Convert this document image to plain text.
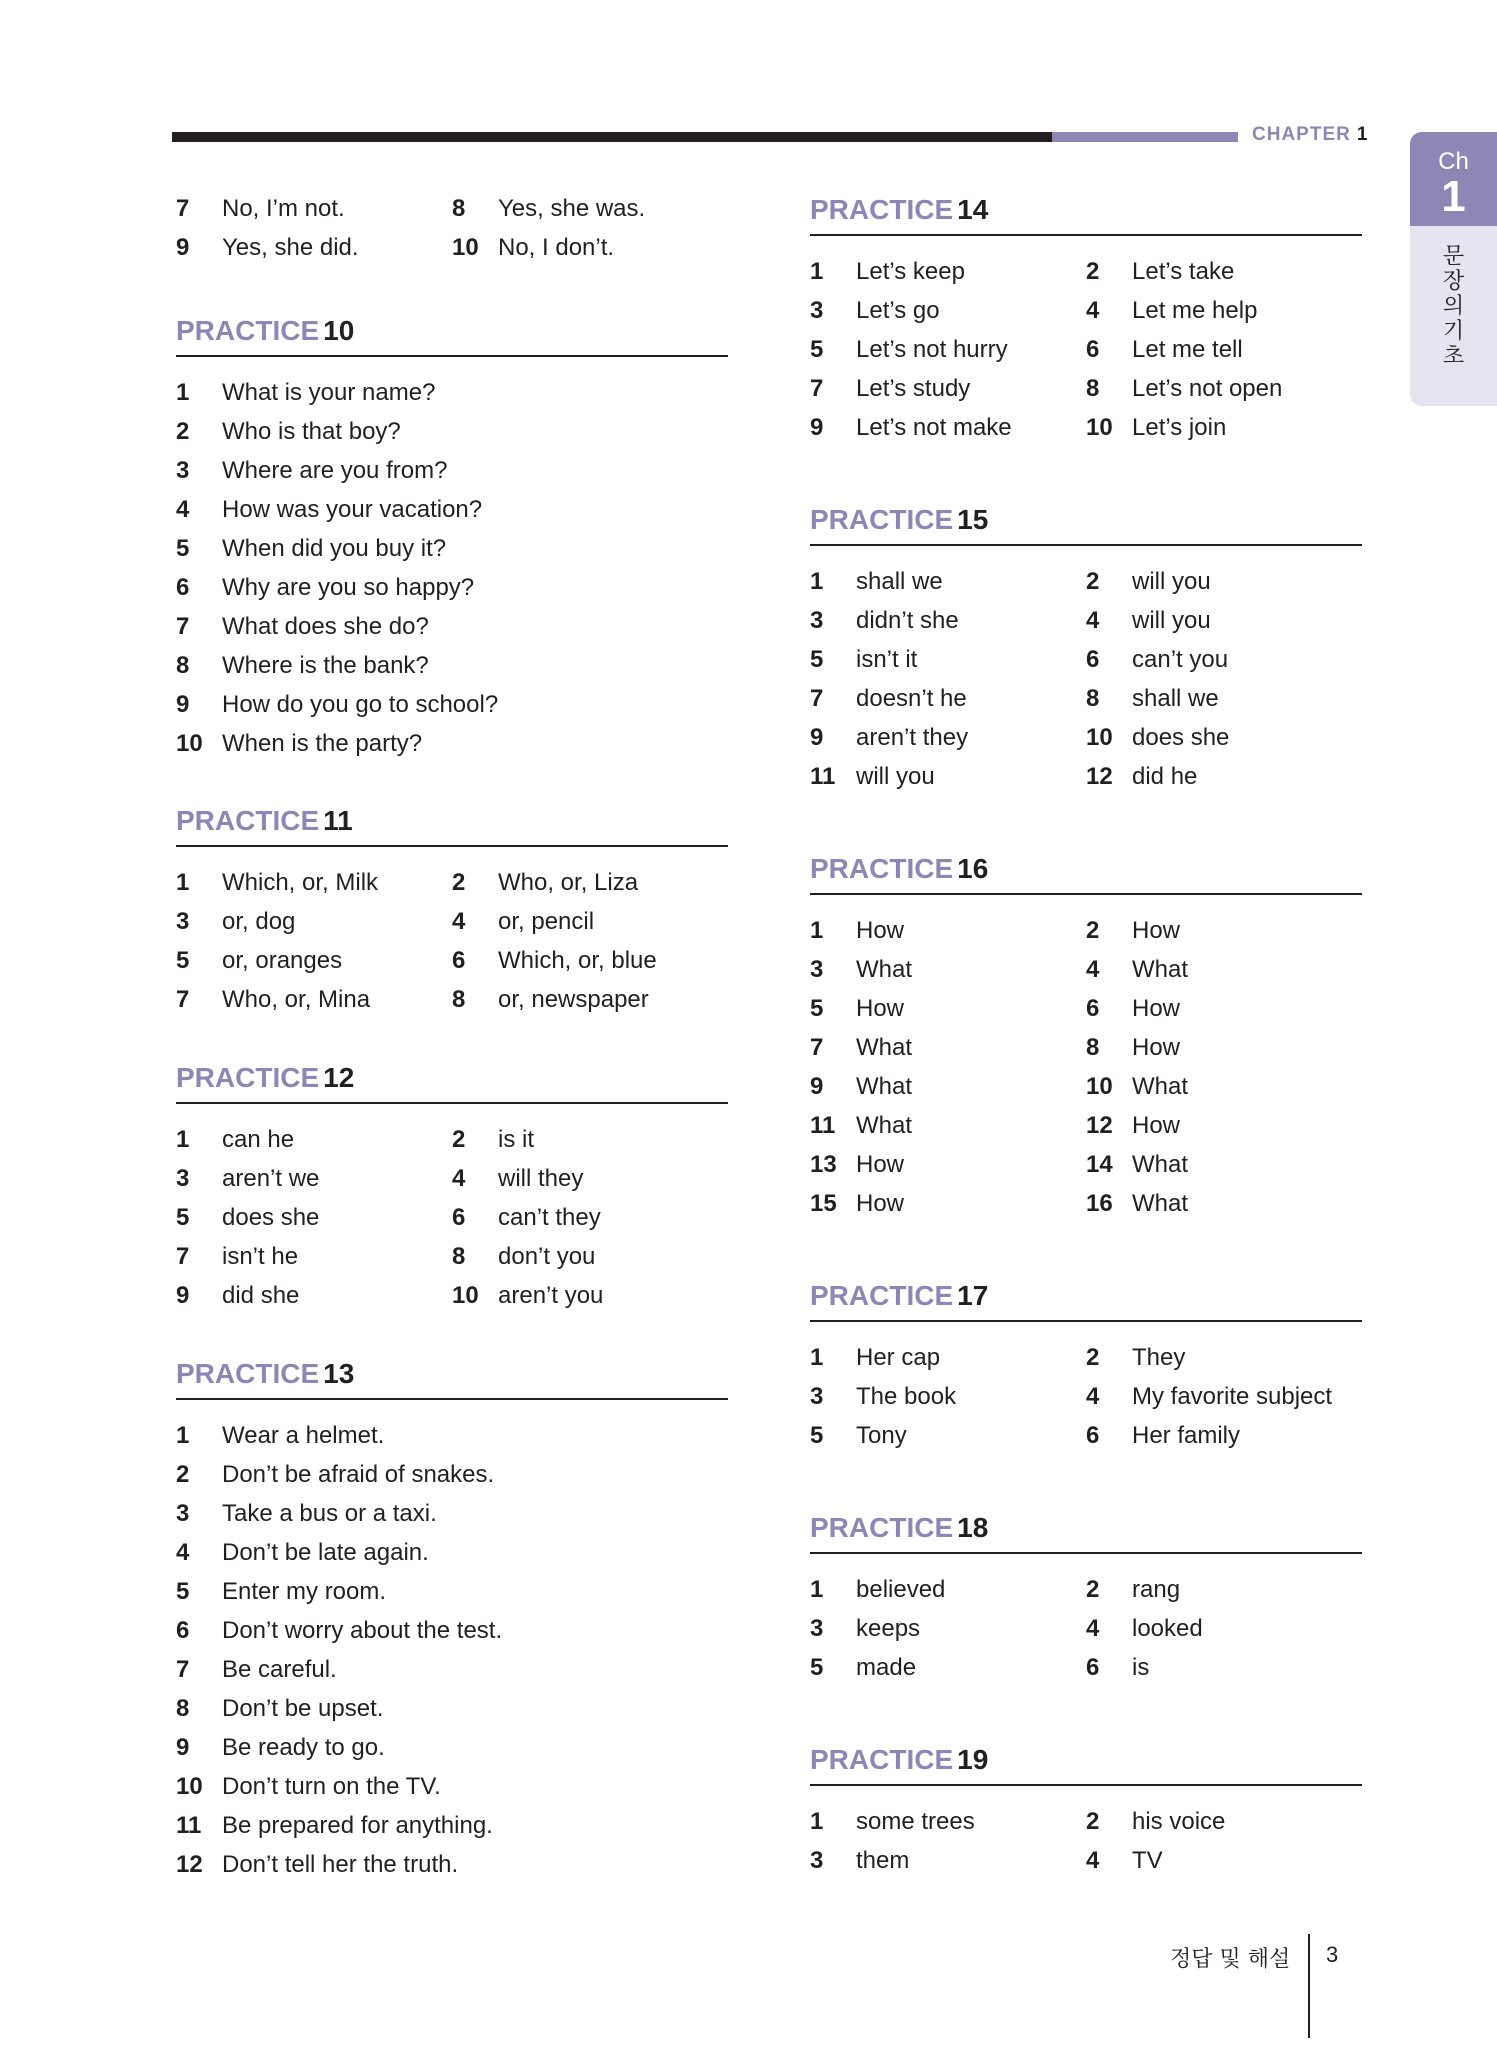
CHAPTER 1
Ch
1
문
장
의
기
초
7	No, I’m not.	8	Yes, she was.
9	Yes, she did.	10 No, I don’t.
PRACTICE 10
1	What is your name?
2	Who is that boy?
3	Where are you from?
4	How was your vacation?
5	When did you buy it?
6	Why are you so happy?
7	What does she do?
8	Where is the bank?
9	How do you go to school?
10 When is the party?
PRACTICE 11
1	Which, or, Milk	2	Who, or, Liza
3	or, dog	4	or, pencil
5	or, oranges	6	Which, or, blue
7	Who, or, Mina	8	or, newspaper
PRACTICE 12
1	can he	2	is it
3	aren’t we	4	will they
5	does she	6	can’t they
7	isn’t he	8	don’t you
9	did she	10 aren’t you
PRACTICE 13
1	Wear a helmet.
2	Don’t be afraid of snakes.
3	Take a bus or a taxi.
4	Don’t be late again.
5	Enter my room.
6	Don’t worry about the test.
7	Be careful.
8	Don’t be upset.
9	Be ready to go.
10 Don’t turn on the TV.
11 Be prepared for anything.
12 Don’t tell her the truth.
PRACTICE 14
1	Let’s keep	2	Let’s take
3	Let’s go	4	Let me help
5	Let’s not hurry	6	Let me tell
7	Let’s study	8	Let’s not open
9	Let’s not make	10 Let’s join
PRACTICE 15
1	shall we	2	will you
3	didn’t she	4	will you
5	isn’t it	6	can’t you
7	doesn’t he	8	shall we
9	aren’t they	10 does she
11 will you	12 did he
PRACTICE 16
1	How	2	How
3	What	4	What
5	How	6	How
7	What	8	How
9	What	10 What
11 What	12 How
13 How	14 What
15 How	16 What
PRACTICE 17
1	Her cap	2	They
3	The book	4	My favorite subject
5	Tony	6	Her family
PRACTICE 18
1	believed	2	rang
3	keeps	4	looked
5	made	6	is
PRACTICE 19
1	some trees	2	his voice
3	them	4	TV
정답 및 해설 3
